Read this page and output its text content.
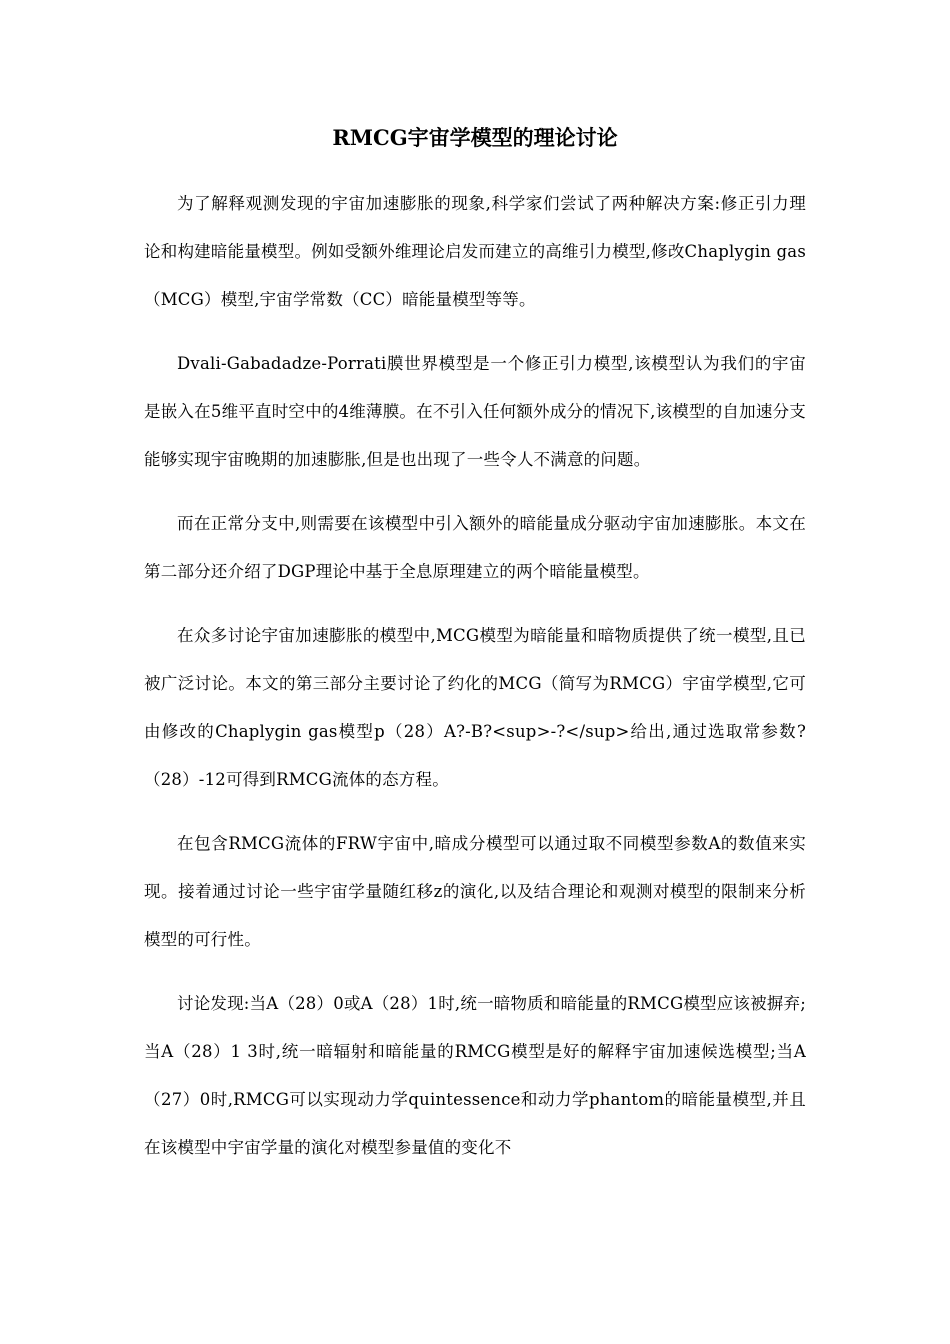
RMCG宇宙学模型的理论讨论

为了解释观测发现的宇宙加速膨胀的现象,科学家们尝试了两种解决方案:修正引力理论和构建暗能量模型。例如受额外维理论启发而建立的高维引力模型,修改Chaplygin gas（MCG）模型,宇宙学常数（CC）暗能量模型等等。

Dvali-Gabadadze-Porrati膜世界模型是一个修正引力模型,该模型认为我们的宇宙是嵌入在5维平直时空中的4维薄膜。在不引入任何额外成分的情况下,该模型的自加速分支能够实现宇宙晚期的加速膨胀,但是也出现了一些令人不满意的问题。

而在正常分支中,则需要在该模型中引入额外的暗能量成分驱动宇宙加速膨胀。本文在第二部分还介绍了DGP理论中基于全息原理建立的两个暗能量模型。

在众多讨论宇宙加速膨胀的模型中,MCG模型为暗能量和暗物质提供了统一模型,且已被广泛讨论。本文的第三部分主要讨论了约化的MCG（简写为RMCG）宇宙学模型,它可由修改的Chaplygin gas模型p（28）A?-B?<sup>-?</sup>给出,通过选取常参数?（28）-12可得到RMCG流体的态方程。

在包含RMCG流体的FRW宇宙中,暗成分模型可以通过取不同模型参数A的数值来实现。接着通过讨论一些宇宙学量随红移z的演化,以及结合理论和观测对模型的限制来分析模型的可行性。

讨论发现:当A（28）0或A（28）1时,统一暗物质和暗能量的RMCG模型应该被摒弃;当A（28）1 3时,统一暗辐射和暗能量的RMCG模型是好的解释宇宙加速候选模型;当A（27）0时,RMCG可以实现动力学quintessence和动力学phantom的暗能量模型,并且在该模型中宇宙学量的演化对模型参量值的变化不
